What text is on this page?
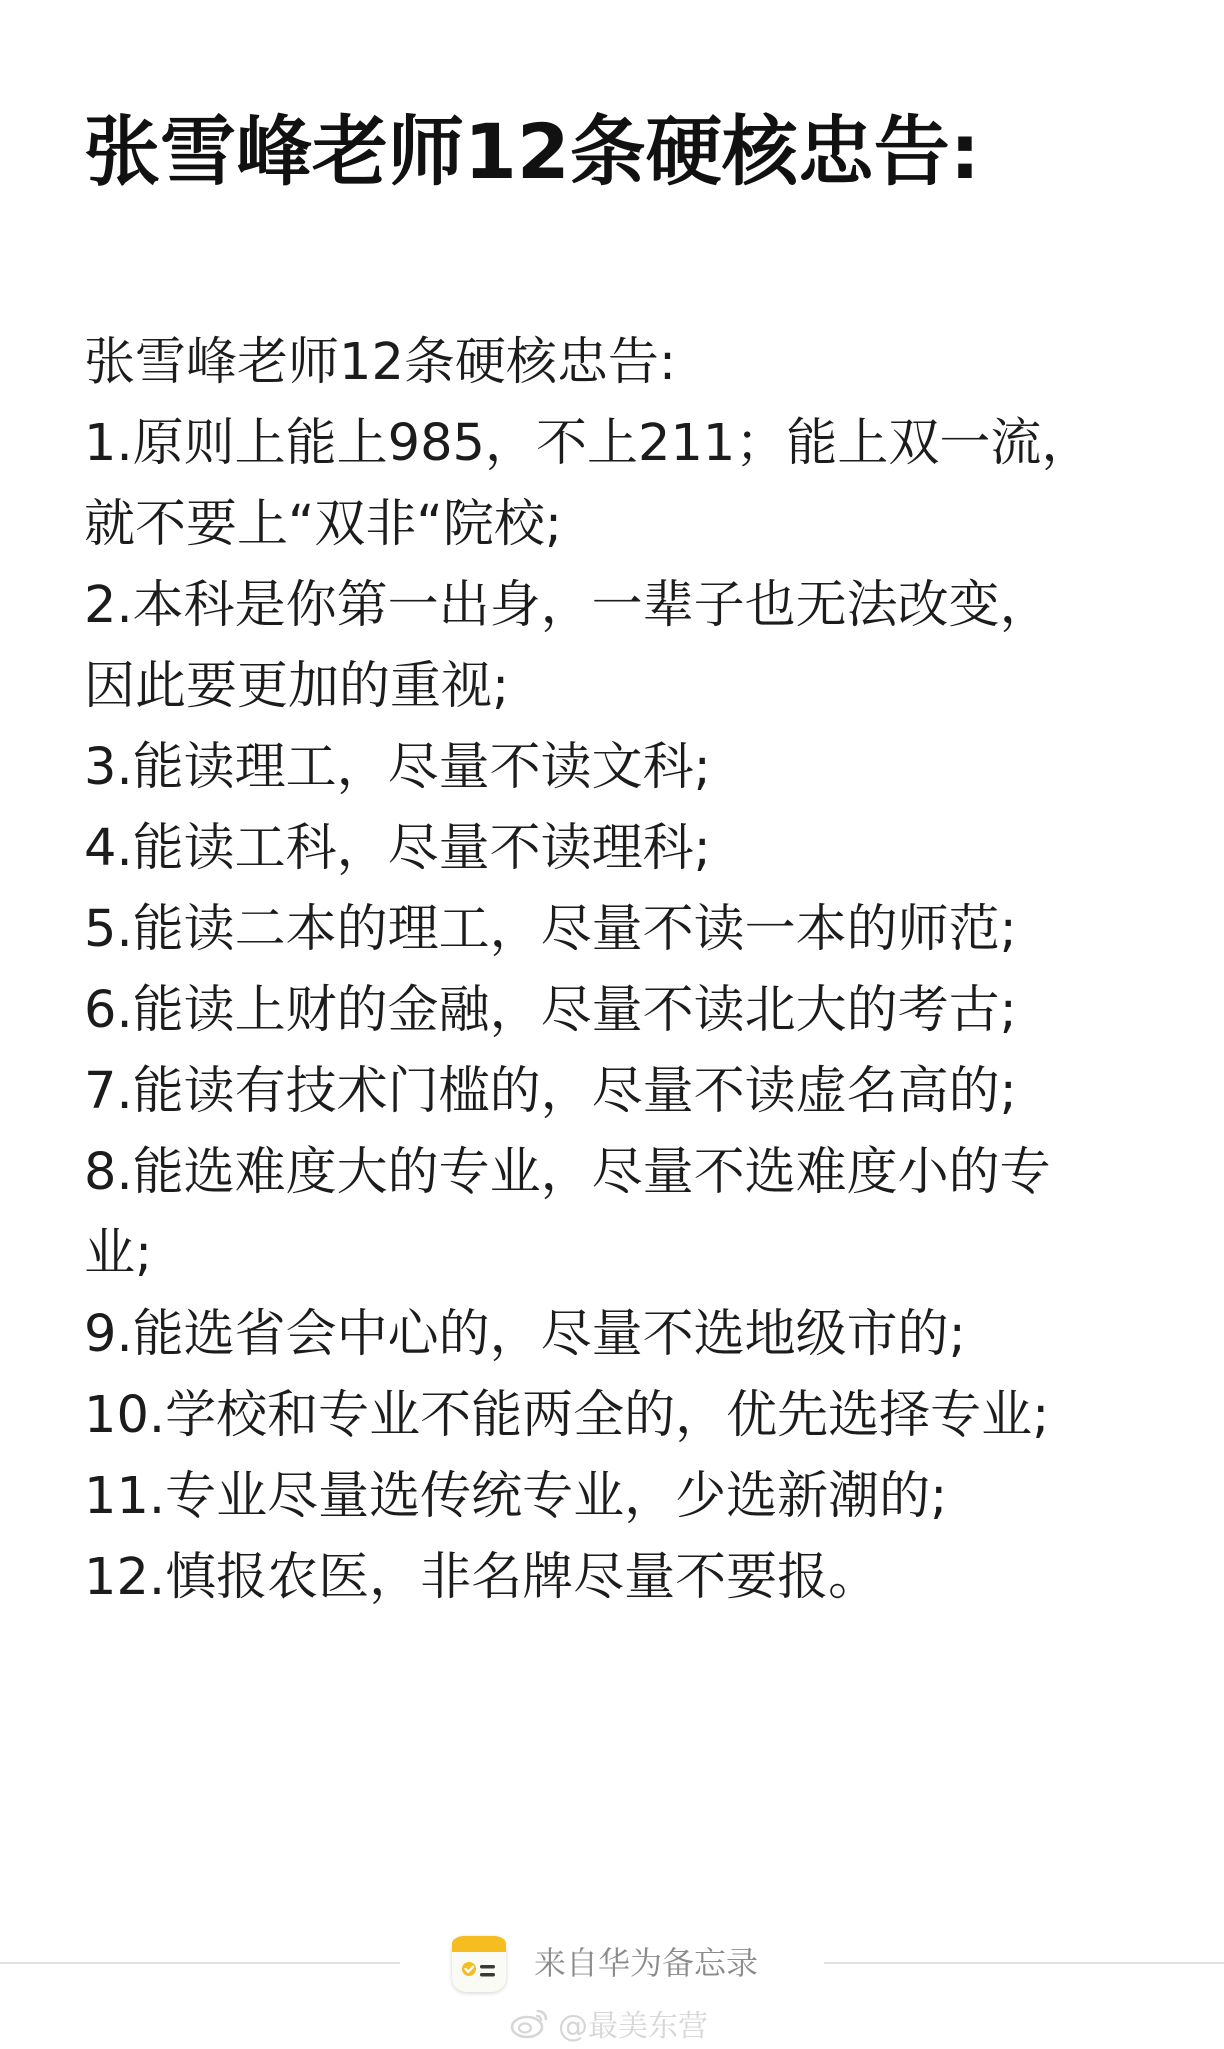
张雪峰老师12条硬核忠告:
张雪峰老师12条硬核忠告:
1.原则上能上985，不上211；能上双一流，
就不要上“双非“院校;
2.本科是你第一出身，一辈子也无法改变，
因此要更加的重视;
3.能读理工，尽量不读文科;
4.能读工科，尽量不读理科;
5.能读二本的理工，尽量不读一本的师范;
6.能读上财的金融，尽量不读北大的考古;
7.能读有技术门槛的，尽量不读虚名高的;
8.能选难度大的专业，尽量不选难度小的专
业;
9.能选省会中心的，尽量不选地级市的;
10.学校和专业不能两全的，优先选择专业;
11.专业尽量选传统专业，少选新潮的;
12.慎报农医，非名牌尽量不要报。
来自华为备忘录
@最美东营
